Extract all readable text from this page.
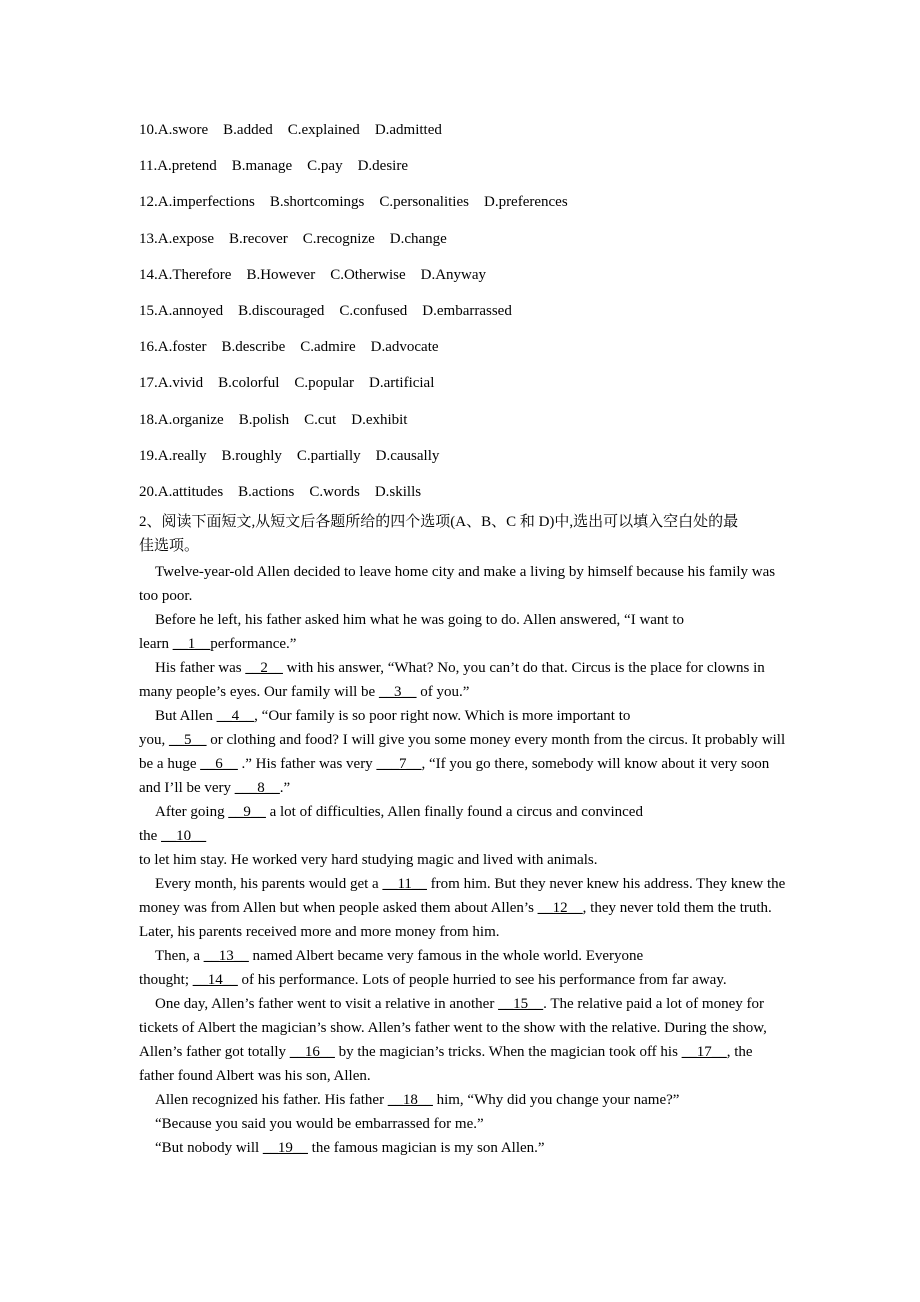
10.A.swore B.added C.explained D.admitted
11.A.pretend B.manage C.pay D.desire
12.A.imperfections B.shortcomings C.personalities D.preferences
13.A.expose B.recover C.recognize D.change
14.A.Therefore B.However C.Otherwise D.Anyway
15.A.annoyed B.discouraged C.confused D.embarrassed
16.A.foster B.describe C.admire D.advocate
17.A.vivid B.colorful C.popular D.artificial
18.A.organize B.polish C.cut D.exhibit
19.A.really B.roughly C.partially D.causally
20.A.attitudes B.actions C.words D.skills
2、阅读下面短文,从短文后各题所给的四个选项(A、B、C 和 D)中,选出可以填入空白处的最
佳选项。

Twelve-year-old Allen decided to leave home city and make a living by himself because his family was too poor.

Before he left, his father asked him what he was going to do. Allen answered, “I want to

learn __1__performance.”

His father was __2__ with his answer, “What? No, you can’t do that. Circus is the place for clowns in many people’s eyes. Our family will be __3__ of you.”

But Allen __4__, “Our family is so poor right now. Which is more important to

you, __5__ or clothing and food? I will give you some money every month from the circus. It probably will be a huge __6__ .” His father was very ___7__, “If you go there, somebody will know about it very soon and I’ll be very ___8__.”

After going __9__ a lot of difficulties, Allen finally found a circus and convinced

the __10__

to let him stay. He worked very hard studying magic and lived with animals.

Every month, his parents would get a __11__ from him. But they never knew his address. They knew the money was from Allen but when people asked them about Allen’s __12__, they never told them the truth. Later, his parents received more and more money from him.

Then, a __13__ named Albert became very famous in the whole world. Everyone

thought; __14__ of his performance. Lots of people hurried to see his performance from far away.

One day, Allen’s father went to visit a relative in another __15__. The relative paid a lot of money for tickets of Albert the magician’s show. Allen’s father went to the show with the relative. During the show, Allen’s father got totally __16__ by the magician’s tricks. When the magician took off his __17__, the father found Albert was his son, Allen.

Allen recognized his father. His father __18__ him, “Why did you change your name?”

“Because you said you would be embarrassed for me.”

“But nobody will __19__ the famous magician is my son Allen.”
